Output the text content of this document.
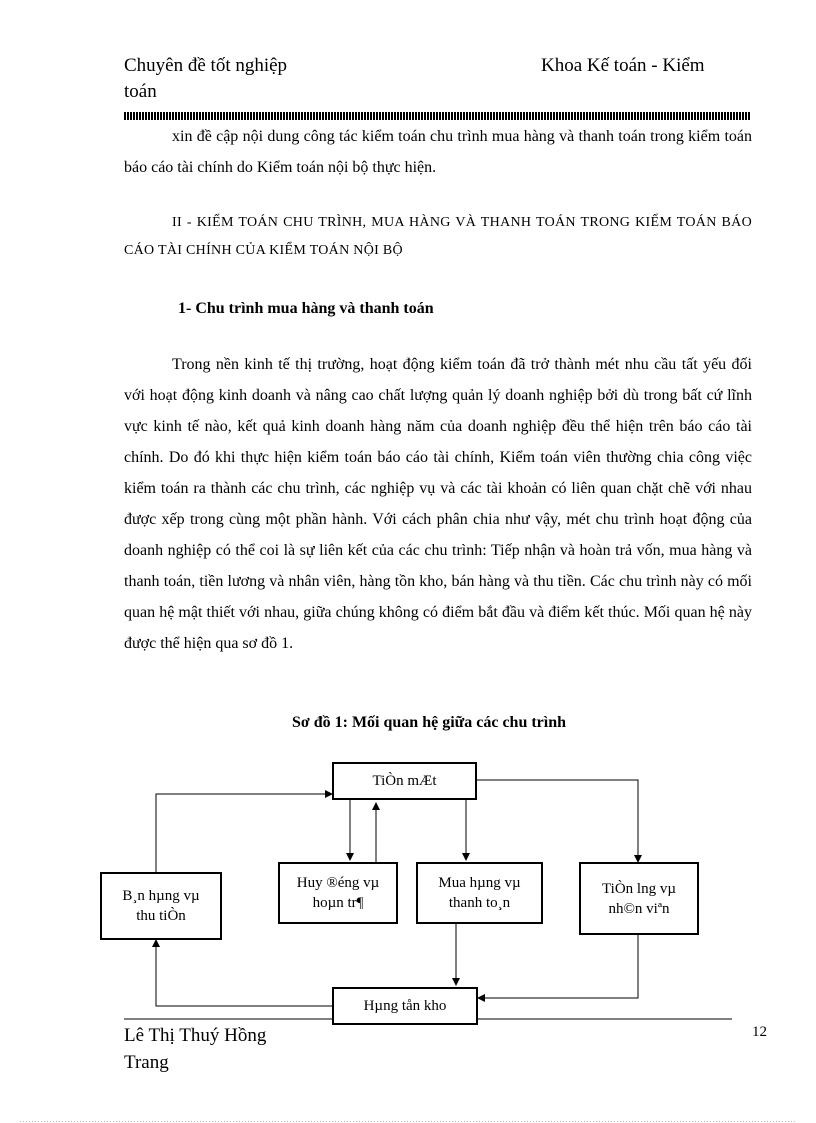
Chuyên đề tốt nghiệp
toán
Khoa Kế toán - Kiểm
xin đề cập nội dung công tác kiểm toán chu trình mua hàng và thanh toán trong kiểm toán báo cáo tài chính do Kiểm toán nội bộ thực hiện.
II - KIỂM TOÁN CHU TRÌNH, MUA HÀNG VÀ THANH TOÁN TRONG KIỂM TOÁN BÁO CÁO TÀI CHÍNH CỦA KIỂM TOÁN NỘI BỘ
1- Chu trình mua hàng và thanh toán
Trong nền kinh tế thị trường, hoạt động kiểm toán đã trở thành mét nhu cầu tất yếu đối với hoạt động kinh doanh và nâng cao chất lượng quản lý doanh nghiệp bởi dù trong bất cứ lĩnh vực kinh tế nào, kết quả kinh doanh hàng năm của doanh nghiệp đều thể hiện trên báo cáo tài chính. Do đó khi thực hiện kiểm toán báo cáo tài chính, Kiểm toán viên thường chia công việc kiểm toán ra thành các chu trình, các nghiệp vụ và các tài khoản có liên quan chặt chẽ với nhau được xếp trong cùng một phần hành. Với cách phân chia như vậy, mét chu trình hoạt động của doanh nghiệp có thể coi là sự liên kết của các chu trình: Tiếp nhận và hoàn trả vốn, mua hàng và thanh toán, tiền lương và nhân viên, hàng tồn kho, bán hàng và thu tiền. Các chu trình này có mối quan hệ mật thiết với nhau, giữa chúng không có điểm bắt đầu và điểm kết thúc. Mối quan hệ này được thể hiện qua sơ đồ 1.
Sơ đồ 1: Mối quan hệ giữa các chu trình
TiÒn mÆt
B¸n hµng vµ thu tiÒn
Huy ®éng vµ hoµn tr¶
Mua hµng vµ thanh to¸n
TiÒn lng vµ nh©n viªn
Hµng tån kho
Lê Thị Thuý Hồng
Trang
12
